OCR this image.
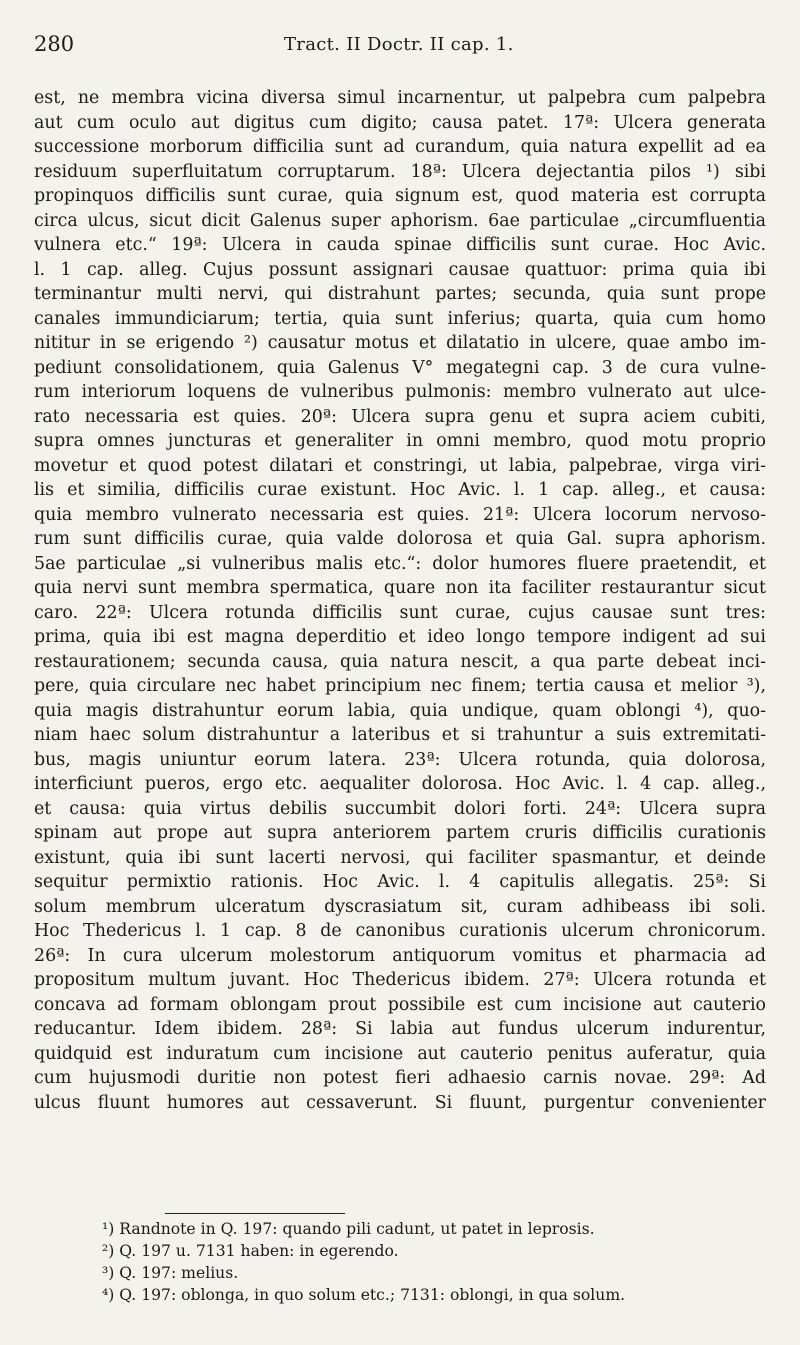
280	Tract. II Doctr. II cap. 1.
est, ne membra vicina diversa simul incarnentur, ut palpebra cum palpebra
aut cum oculo aut digitus cum digito; causa patet. 17ª: Ulcera generata
successione morborum difficilia sunt ad curandum, quia natura expellit ad ea
residuum superfluitatum corruptarum. 18ª: Ulcera dejectantia pilos ¹) sibi
propinquos difficilis sunt curae, quia signum est, quod materia est corrupta
circa ulcus, sicut dicit Galenus super aphorism. 6ae particulae „circumfluentia
vulnera etc.“ 19ª: Ulcera in cauda spinae difficilis sunt curae. Hoc Avic.
l. 1 cap. alleg. Cujus possunt assignari causae quattuor: prima quia ibi
terminantur multi nervi, qui distrahunt partes; secunda, quia sunt prope
canales immundiciarum; tertia, quia sunt inferius; quarta, quia cum homo
nititur in se erigendo ²) causatur motus et dilatatio in ulcere, quae ambo im-
pediunt consolidationem, quia Galenus V° megategni cap. 3 de cura vulne-
rum interiorum loquens de vulneribus pulmonis: membro vulnerato aut ulce-
rato necessaria est quies. 20ª: Ulcera supra genu et supra aciem cubiti,
supra omnes juncturas et generaliter in omni membro, quod motu proprio
movetur et quod potest dilatari et constringi, ut labia, palpebrae, virga viri-
lis et similia, difficilis curae existunt. Hoc Avic. l. 1 cap. alleg., et causa:
quia membro vulnerato necessaria est quies. 21ª: Ulcera locorum nervoso-
rum sunt difficilis curae, quia valde dolorosa et quia Gal. supra aphorism.
5ae particulae „si vulneribus malis etc.“: dolor humores fluere praetendit, et
quia nervi sunt membra spermatica, quare non ita faciliter restaurantur sicut
caro. 22ª: Ulcera rotunda difficilis sunt curae, cujus causae sunt tres:
prima, quia ibi est magna deperditio et ideo longo tempore indigent ad sui
restaurationem; secunda causa, quia natura nescit, a qua parte debeat inci-
pere, quia circulare nec habet principium nec finem; tertia causa et melior ³),
quia magis distrahuntur eorum labia, quia undique, quam oblongi ⁴), quo-
niam haec solum distrahuntur a lateribus et si trahuntur a suis extremitati-
bus, magis uniuntur eorum latera. 23ª: Ulcera rotunda, quia dolorosa,
interficiunt pueros, ergo etc. aequaliter dolorosa. Hoc Avic. l. 4 cap. alleg.,
et causa: quia virtus debilis succumbit dolori forti. 24ª: Ulcera supra
spinam aut prope aut supra anteriorem partem cruris difficilis curationis
existunt, quia ibi sunt lacerti nervosi, qui faciliter spasmantur, et deinde
sequitur permixtio rationis. Hoc Avic. l. 4 capitulis allegatis. 25ª: Si
solum membrum ulceratum dyscrasiatum sit, curam adhibeass ibi soli.
Hoc Thedericus l. 1 cap. 8 de canonibus curationis ulcerum chronicorum.
26ª: In cura ulcerum molestorum antiquorum vomitus et pharmacia ad
propositum multum juvant. Hoc Thedericus ibidem. 27ª: Ulcera rotunda et
concava ad formam oblongam prout possibile est cum incisione aut cauterio
reducantur. Idem ibidem. 28ª: Si labia aut fundus ulcerum indurentur,
quidquid est induratum cum incisione aut cauterio penitus auferatur, quia
cum hujusmodi duritie non potest fieri adhaesio carnis novae. 29ª: Ad
ulcus fluunt humores aut cessaverunt. Si fluunt, purgentur convenienter
¹) Randnote in Q. 197: quando pili cadunt, ut patet in leprosis.
²) Q. 197 u. 7131 haben: in egerendo.
³) Q. 197: melius.
⁴) Q. 197: oblonga, in quo solum etc.; 7131: oblongi, in qua solum.
